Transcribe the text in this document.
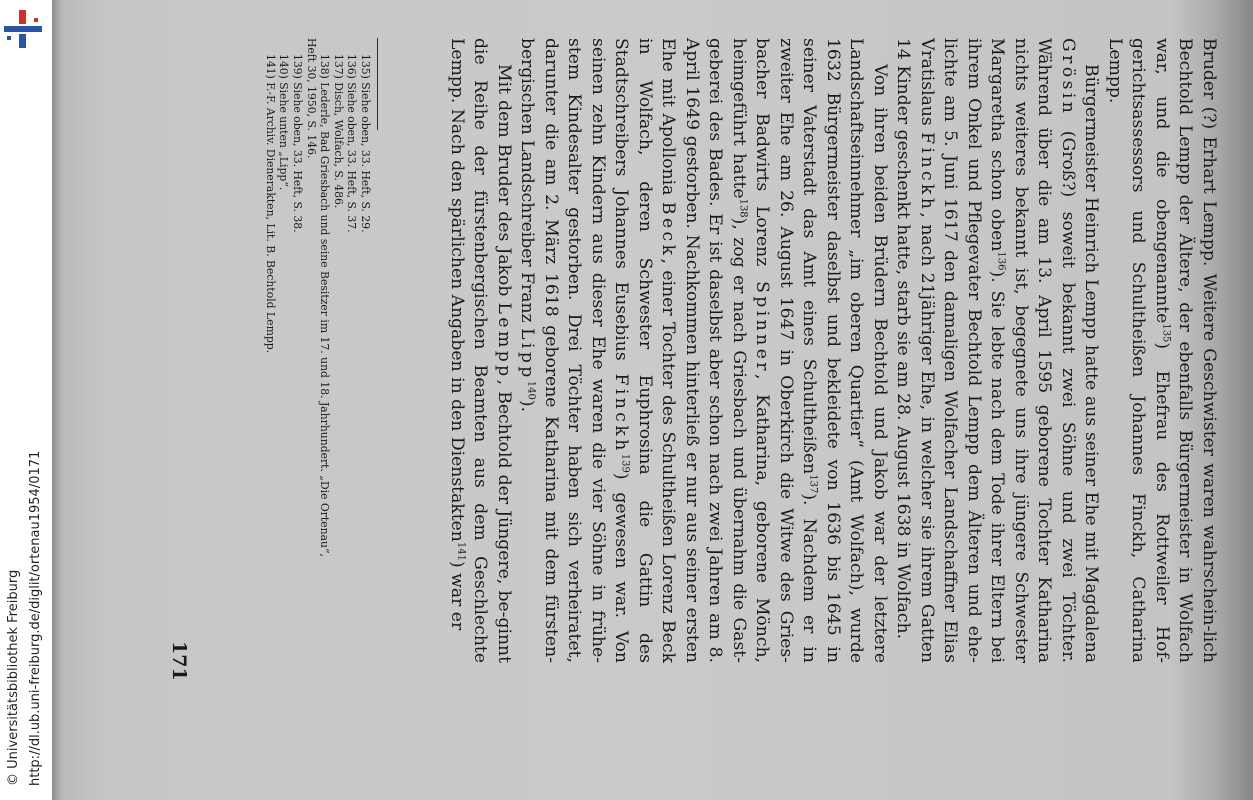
http://dl.ub.uni-freiburg.de/diglit/ortenau1954/0171
© Universitätsbibliothek Freiburg

Bruder (?) Erhart Lempp. Weitere Geschwister waren wahrschein-lich Bechtold Lempp der Ältere, der ebenfalls Bürgermeister in Wolfach war, und die obengenannte$^{135}$) Ehefrau des Rottweiler Hof-gerichtsassessors und Schultheißen Johannes Finckh, Catharina Lempp.

Bürgermeister Heinrich Lempp hatte aus seiner Ehe mit Magdalena Grösin (Groß?) soweit bekannt zwei Söhne und zwei Töchter. Während über die am 13. April 1595 geborene Tochter Katharina nichts weiteres bekannt ist, begegnete uns ihre jüngere Schwester Margaretha schon oben$^{136}$). Sie lebte nach dem Tode ihrer Eltern bei ihrem Onkel und Pflegevater Bechtold Lempp dem Älteren und ehe-lichte am 5. Juni 1617 den damaligen Wolfacher Landschaffner Elias Vratislaus Finckh, nach 21jähriger Ehe, in welcher sie ihrem Gatten 14 Kinder geschenkt hatte, starb sie am 28. August 1638 in Wolfach.

Von ihren beiden Brüdern Bechtold und Jakob war der letztere Landschaftseinnehmer „im oberen Quartier“ (Amt Wolfach), wurde 1632 Bürgermeister daselbst und bekleidete von 1636 bis 1645 in seiner Vaterstadt das Amt eines Schultheißen$^{137}$). Nachdem er in zweiter Ehe am 26. August 1647 in Oberkirch die Witwe des Gries-bacher Badwirts Lorenz Spinner, Katharina, geborene Mönch, heimgeführt hatte$^{138}$), zog er nach Griesbach und übernahm die Gast-geberei des Bades. Er ist daselbst aber schon nach zwei Jahren am 8. April 1649 gestorben. Nachkommen hinterließ er nur aus seiner ersten Ehe mit Apollonia Beck, einer Tochter des Schultheißen Lorenz Beck in Wolfach, deren Schwester Euphrosina die Gattin des Stadtschreibers Johannes Eusebius Finckh$^{139}$) gewesen war. Von seinen zehn Kindern aus dieser Ehe waren die vier Söhne in frühe-stem Kindesalter gestorben. Drei Töchter haben sich verheiratet, darunter die am 2. März 1618 geborene Katharina mit dem fürsten-bergischen Landschreiber Franz Lipp$^{140}$).

Mit dem Bruder des Jakob Lempp, Bechtold der Jüngere, be-ginnt die Reihe der fürstenbergischen Beamten aus dem Geschlechte Lempp. Nach den spärlichen Angaben in den Dienstakten$^{141}$) war er

135) Siehe oben, 33. Heft, S. 29.
136) Siehe oben, 33. Heft, S. 37.
137) Disch, Wolfach, S. 486.
138) Lederle, Bad Griesbach und seine Besitzer im 17. und 18. Jahrhundert. „Die Ortenau“,
Heft 30, 1950, S. 146.
139) Siehe oben, 33. Heft, S. 38.
140) Siehe unten „Lipp“.
141) F.-F. Archiv. Dienerakten, Lit. B. Bechtold Lempp.
171
